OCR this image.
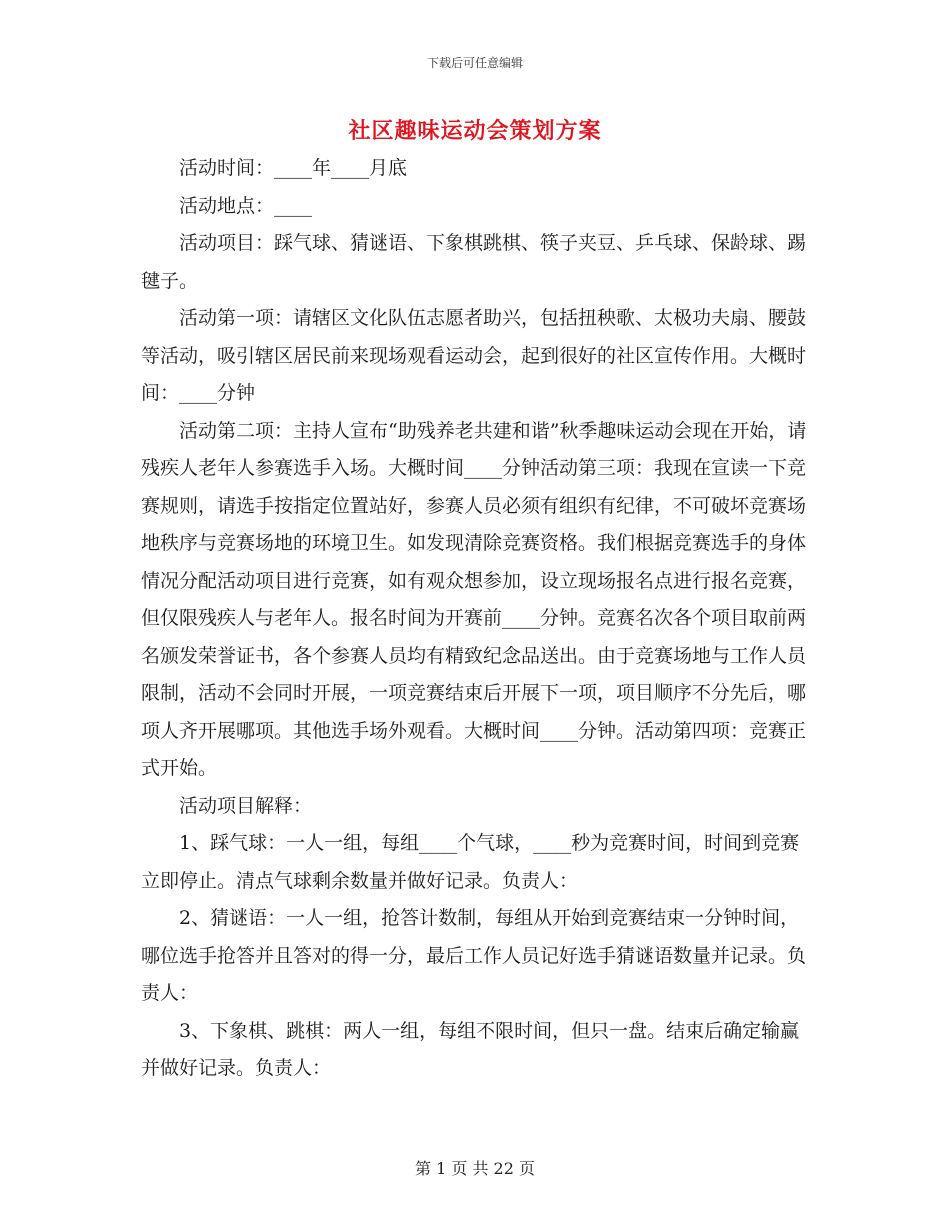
下载后可任意编辑
社区趣味运动会策划方案

活动时间：____年____月底

活动地点：____

活动项目：踩气球、猜谜语、下象棋跳棋、筷子夹豆、乒乓球、保龄球、踢毽子。

活动第一项：请辖区文化队伍志愿者助兴，包括扭秧歌、太极功夫扇、腰鼓等活动，吸引辖区居民前来现场观看运动会，起到很好的社区宣传作用。大概时间：____分钟

活动第二项：主持人宣布“助残养老共建和谐”秋季趣味运动会现在开始，请残疾人老年人参赛选手入场。大概时间____分钟活动第三项：我现在宣读一下竞赛规则，请选手按指定位置站好，参赛人员必须有组织有纪律，不可破坏竞赛场地秩序与竞赛场地的环境卫生。如发现清除竞赛资格。我们根据竞赛选手的身体情况分配活动项目进行竞赛，如有观众想参加，设立现场报名点进行报名竞赛，但仅限残疾人与老年人。报名时间为开赛前____分钟。竞赛名次各个项目取前两名颁发荣誉证书，各个参赛人员均有精致纪念品送出。由于竞赛场地与工作人员限制，活动不会同时开展，一项竞赛结束后开展下一项，项目顺序不分先后，哪项人齐开展哪项。其他选手场外观看。大概时间____分钟。活动第四项：竞赛正式开始。

活动项目解释：

1、踩气球：一人一组，每组____个气球，____秒为竞赛时间，时间到竞赛立即停止。清点气球剩余数量并做好记录。负责人：

2、猜谜语：一人一组，抢答计数制，每组从开始到竞赛结束一分钟时间，哪位选手抢答并且答对的得一分，最后工作人员记好选手猜谜语数量并记录。负责人：

3、下象棋、跳棋：两人一组，每组不限时间，但只一盘。结束后确定输赢并做好记录。负责人：

第 1 页 共 22 页
